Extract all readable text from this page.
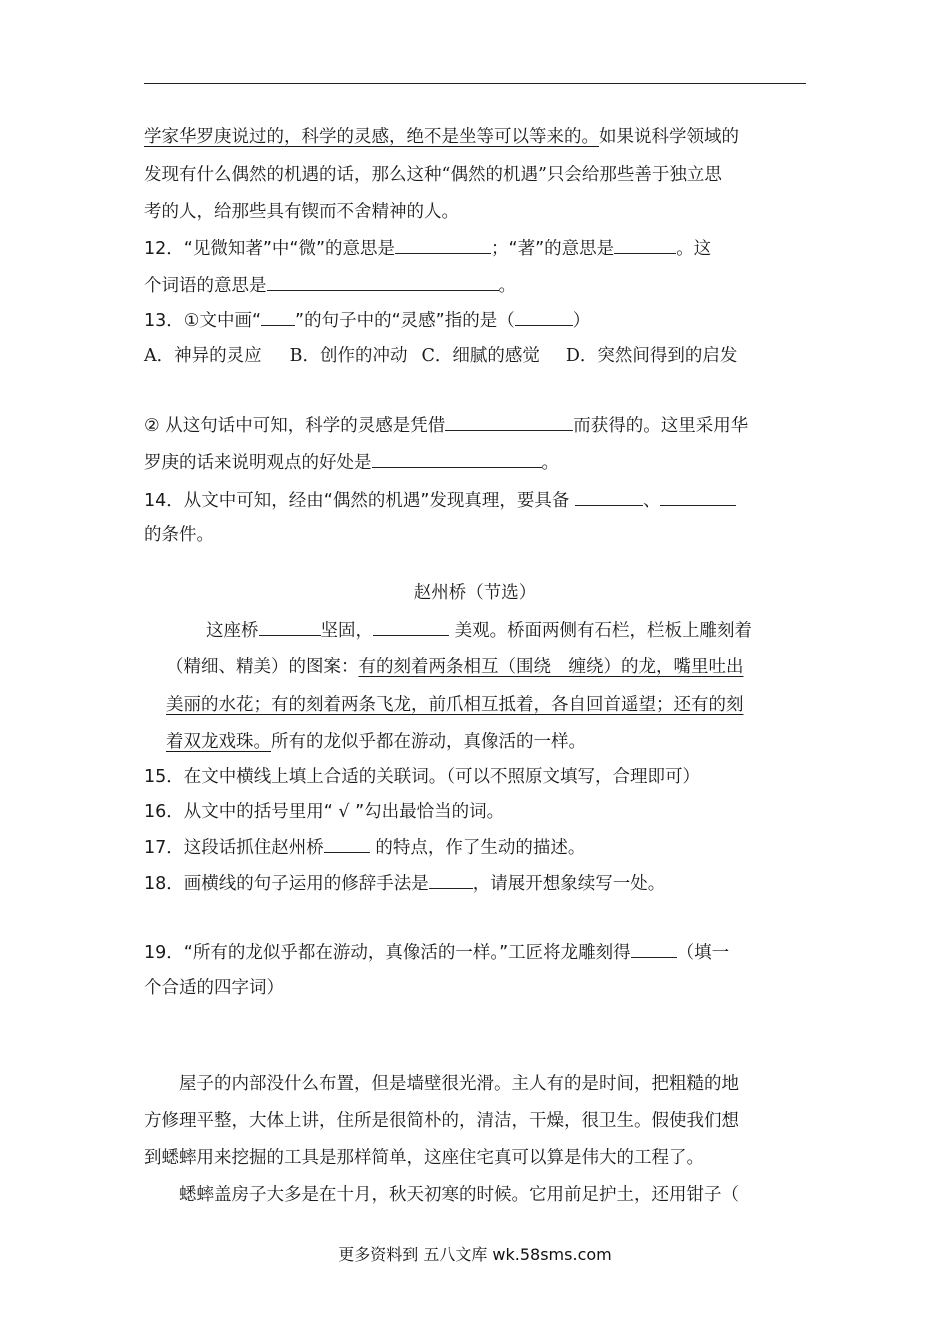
学家华罗庚说过的，科学的灵感，绝不是坐等可以等来的。如果说科学领域的
发现有什么偶然的机遇的话，那么这种“偶然的机遇”只会给那些善于独立思
考的人，给那些具有锲而不舍精神的人。
12．“见微知著”中“微”的意思是	；“著”的意思是	。这
个词语的意思是	。
13．①文中画“ ”的句子中的“灵感”指的是（	）
A．神异的灵应 B．创作的冲动 C．细腻的感觉 D．突然间得到的启发
② 从这句话中可知，科学的灵感是凭借	而获得的。这里采用华
罗庚的话来说明观点的好处是	。
14．从文中可知，经由“偶然的机遇”发现真理，要具备	、
的条件。
赵州桥（节选）
这座桥	坚固，	美观。桥面两侧有石栏，栏板上雕刻着
（精细、精美）的图案：有的刻着两条相互（围绕　缠绕）的龙，嘴里吐出
美丽的水花；有的刻着两条飞龙，前爪相互抵着，各自回首遥望；还有的刻
着双龙戏珠。所有的龙似乎都在游动，真像活的一样。
15．在文中横线上填上合适的关联词。（可以不照原文填写，合理即可）
16．从文中的括号里用“ √ ”勾出最恰当的词。
17．这段话抓住赵州桥	的特点，作了生动的描述。
18．画横线的句子运用的修辞手法是	，请展开想象续写一处。
19．“所有的龙似乎都在游动，真像活的一样。”工匠将龙雕刻得	（填一
个合适的四字词）
屋子的内部没什么布置，但是墙壁很光滑。主人有的是时间，把粗糙的地
方修理平整，大体上讲，住所是很简朴的，清洁，干燥，很卫生。假使我们想
到蟋蟀用来挖掘的工具是那样简单，这座住宅真可以算是伟大的工程了。
蟋蟀盖房子大多是在十月，秋天初寒的时候。它用前足护土，还用钳子（
更多资料到 五八文库 wk.58sms.com
